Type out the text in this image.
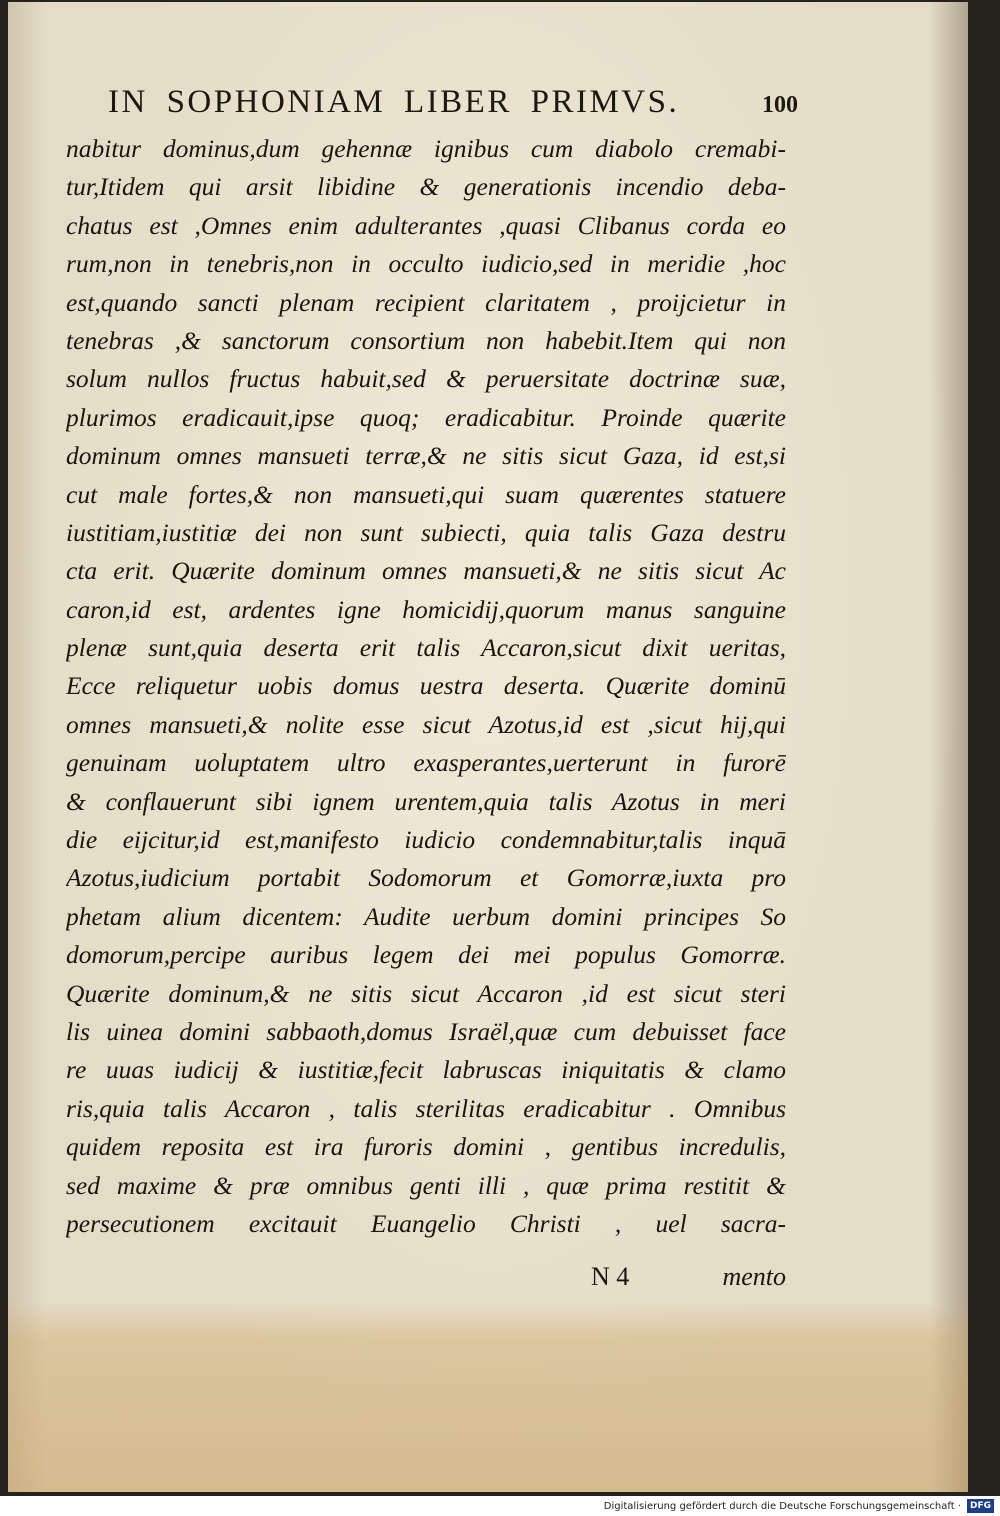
IN SOPHONIAM LIBER PRIMVS.	100
nabitur dominus,dum gehennæ ignibus cum diabolo cremabi-
tur,Itidem qui arsit libidine & generationis incendio deba-
chatus est ,Omnes enim adulterantes ,quasi Clibanus corda eo
rum,non in tenebris,non in occulto iudicio,sed in meridie ,hoc
est,quando sancti plenam recipient claritatem , proijcietur in
tenebras ,& sanctorum consortium non habebit.Item qui non
solum nullos fructus habuit,sed & peruersitate doctrinæ suæ,
plurimos eradicauit,ipse quoq; eradicabitur. Proinde quærite
dominum omnes mansueti terræ,& ne sitis sicut Gaza, id est,si
cut male fortes,& non mansueti,qui suam quærentes statuere
iustitiam,iustitiæ dei non sunt subiecti, quia talis Gaza destru
cta erit. Quærite dominum omnes mansueti,& ne sitis sicut Ac
caron,id est, ardentes igne homicidij,quorum manus sanguine
plenæ sunt,quia deserta erit talis Accaron,sicut dixit ueritas,
Ecce reliquetur uobis domus uestra deserta. Quærite dominū
omnes mansueti,& nolite esse sicut Azotus,id est ,sicut hij,qui
genuinam uoluptatem ultro exasperantes,uerterunt in furorē
& conflauerunt sibi ignem urentem,quia talis Azotus in meri
die eijcitur,id est,manifesto iudicio condemnabitur,talis inquā
Azotus,iudicium portabit Sodomorum et Gomorræ,iuxta pro
phetam alium dicentem: Audite uerbum domini principes So
domorum,percipe auribus legem dei mei populus Gomorræ.
Quærite dominum,& ne sitis sicut Accaron ,id est sicut steri
lis uinea domini sabbaoth,domus Israël,quæ cum debuisset face
re uuas iudicij & iustitiæ,fecit labruscas iniquitatis & clamo
ris,quia talis Accaron , talis sterilitas eradicabitur . Omnibus
quidem reposita est ira furoris domini , gentibus incredulis,
sed maxime & præ omnibus genti illi , quæ prima restitit &
persecutionem excitauit Euangelio Christi , uel sacra-
N 4	mento
Digitalisierung gefördert durch die Deutsche Forschungsgemeinschaft ·	DFG
